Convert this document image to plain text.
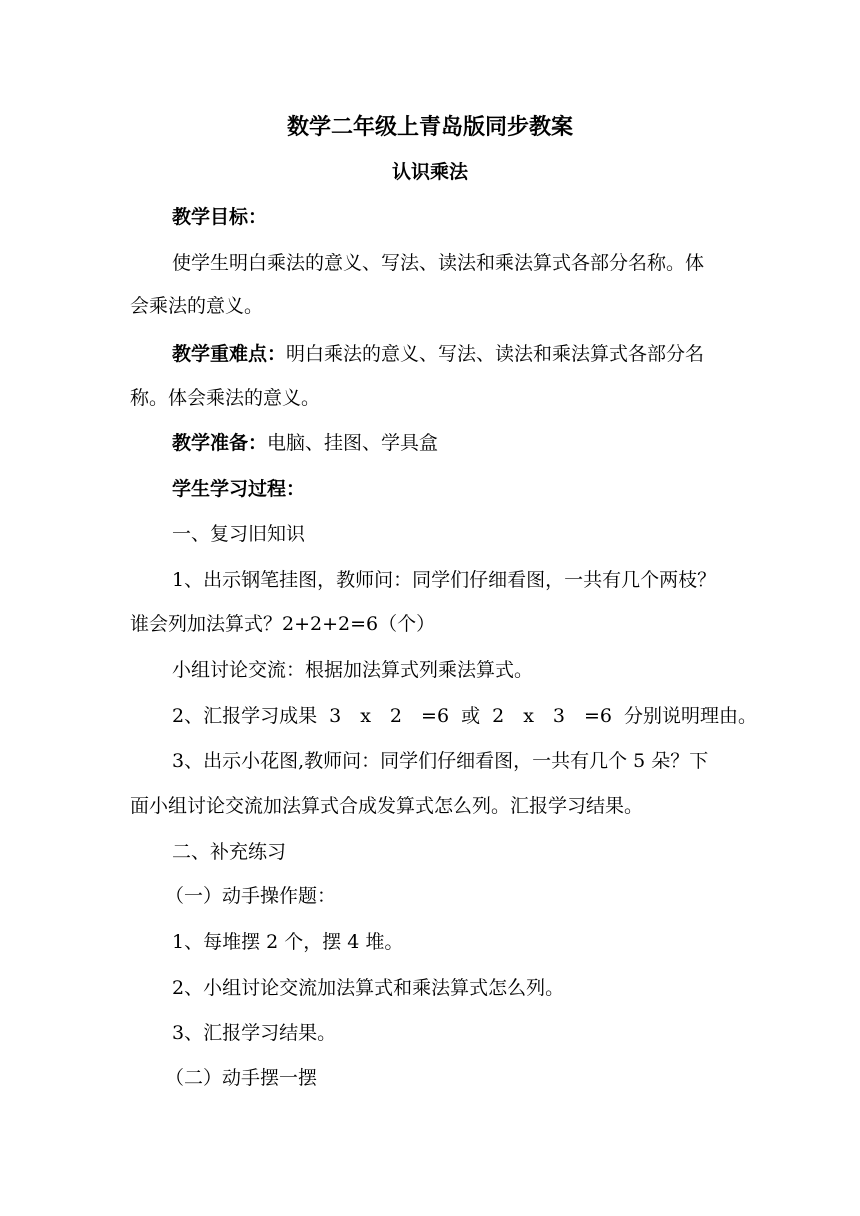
数学二年级上青岛版同步教案
认识乘法
教学目标：
使学生明白乘法的意义、写法、读法和乘法算式各部分名称。体
会乘法的意义。
教学重难点：明白乘法的意义、写法、读法和乘法算式各部分名
称。体会乘法的意义。
教学准备：电脑、挂图、学具盒
学生学习过程：
一、复习旧知识
1、出示钢笔挂图，教师问：同学们仔细看图，一共有几个两枝？
谁会列加法算式？2+2+2=6（个）
小组讨论交流：根据加法算式列乘法算式。
2、汇报学习成果 3　x　2　=6 或 2　x　3　=6 分别说明理由。
3、出示小花图,教师问：同学们仔细看图，一共有几个 5 朵？下
面小组讨论交流加法算式合成发算式怎么列。汇报学习结果。
二、补充练习
（一）动手操作题：
1、每堆摆 2 个，摆 4 堆。
2、小组讨论交流加法算式和乘法算式怎么列。
3、汇报学习结果。
（二）动手摆一摆
